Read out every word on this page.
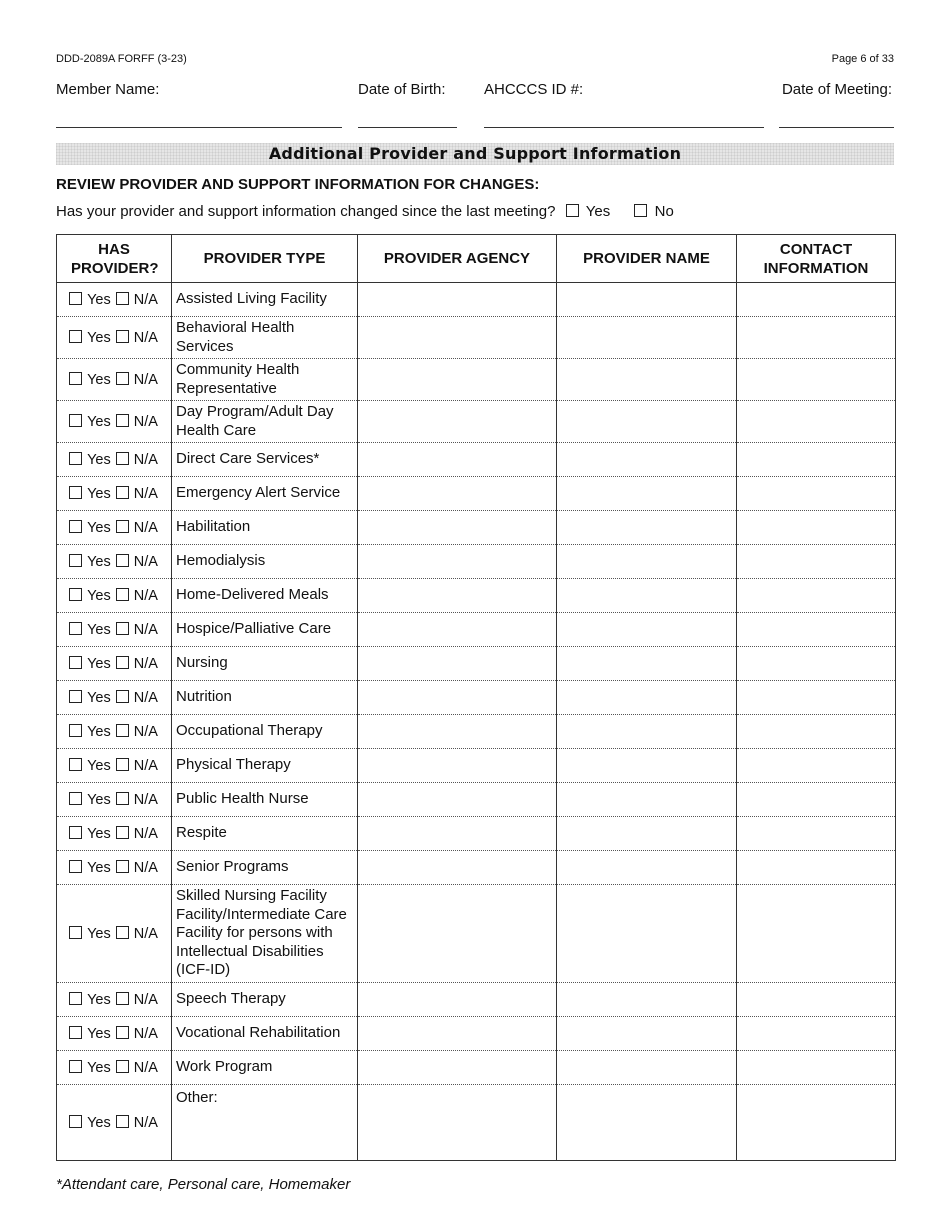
DDD-2089A FORFF (3-23)	Page 6 of 33
Member Name:	Date of Birth:	AHCCCS ID #:	Date of Meeting:
Additional Provider and Support Information
REVIEW PROVIDER AND SUPPORT INFORMATION FOR CHANGES:
Has your provider and support information changed since the last meeting? Yes	No
HAS PROVIDER?	PROVIDER TYPE	PROVIDER AGENCY	PROVIDER NAME	CONTACT INFORMATION
Yes N/A	Assisted Living Facility			
Yes N/A	Behavioral Health Services			
Yes N/A	Community Health Representative			
Yes N/A	Day Program/Adult Day Health Care			
Yes N/A	Direct Care Services*			
Yes N/A	Emergency Alert Service			
Yes N/A	Habilitation			
Yes N/A	Hemodialysis			
Yes N/A	Home-Delivered Meals			
Yes N/A	Hospice/Palliative Care			
Yes N/A	Nursing			
Yes N/A	Nutrition			
Yes N/A	Occupational Therapy			
Yes N/A	Physical Therapy			
Yes N/A	Public Health Nurse			
Yes N/A	Respite			
Yes N/A	Senior Programs			
Yes N/A	Skilled Nursing Facility Facility/Intermediate Care Facility for persons with Intellectual Disabilities (ICF-ID)			
Yes N/A	Speech Therapy			
Yes N/A	Vocational Rehabilitation			
Yes N/A	Work Program			
Yes N/A	Other:			
*Attendant care, Personal care, Homemaker
